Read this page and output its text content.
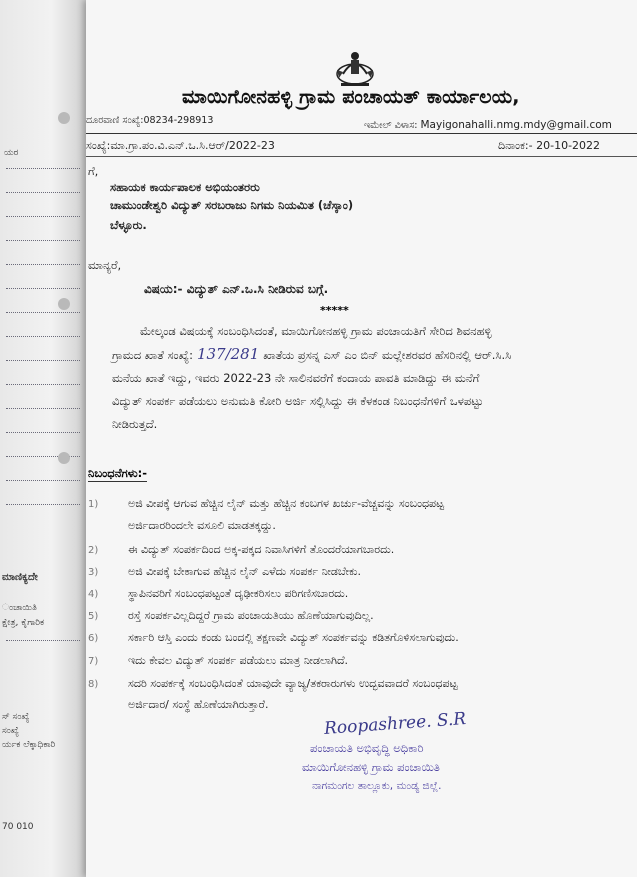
ಯರ
ಮಾಣಿಕ್ಯದೇ
ಂಚಾಯಿತಿ
ಕ್ಷೇತ್ರ, ಕೈಗಾರಿಕ
ಸ್ ಸಂಖ್ಯೆ
ಸಂಖ್ಯೆ
ರ್ಯಕ ಲೆಕ್ಕಾಧಿಕಾರಿ
70 010
ಮಾಯಿಗೋನಹಳ್ಳಿ ಗ್ರಾಮ ಪಂಚಾಯತ್ ಕಾರ್ಯಾಲಯ,
ದೂರವಾಣಿ ಸಂಖ್ಯೆ:08234-298913	ಇಮೇಲ್ ವಿಳಾಸ: Mayigonahalli.nmg.mdy@gmail.com
ಸಂಖ್ಯೆ:ಮಾ.ಗ್ರಾ.ಪಂ.ವಿ.ಎನ್.ಒ.ಸಿ.ಆರ್/2022-23	ದಿನಾಂಕ:- 20-10-2022
ಗೆ,
ಸಹಾಯಕ ಕಾರ್ಯಪಾಲಕ ಅಭಿಯಂತರರು
ಚಾಮುಂಡೇಶ್ವರಿ ವಿದ್ಯುತ್ ಸರಬರಾಜು ನಿಗಮ ನಿಯಮಿತ (ಚೆಸ್ಕಾಂ)
ಬೆಳ್ಳೂರು.
ಮಾನ್ಯರೆ,
ವಿಷಯ:- ವಿದ್ಯುತ್ ಎನ್.ಒ.ಸಿ ನೀಡಿರುವ ಬಗ್ಗೆ.
*****
ಮೇಲ್ಕಂಡ ವಿಷಯಕ್ಕೆ ಸಂಬಂಧಿಸಿದಂತೆ, ಮಾಯಿಗೋನಹಳ್ಳಿ ಗ್ರಾಮ ಪಂಚಾಯತಿಗೆ ಸೇರಿದ ಶಿವನಹಳ್ಳಿ
ಗ್ರಾಮದ ಖಾತೆ ಸಂಖ್ಯೆ: 137/281 ಖಾತೆಯ ಪ್ರಸನ್ನ ಎಸ್ ಎಂ ಬಿನ್ ಮಲ್ಲೇಶರವರ ಹೆಸರಿನಲ್ಲಿ ಆರ್.ಸಿ.ಸಿ
ಮನೆಯ ಖಾತೆ ಇದ್ದು, ಇವರು 2022-23 ನೇ ಸಾಲಿನವರೆಗೆ ಕಂದಾಯ ಪಾವತಿ ಮಾಡಿದ್ದು ಈ ಮನೆಗೆ
ವಿದ್ಯುತ್ ಸಂಪರ್ಕ ಪಡೆಯಲು ಅನುಮತಿ ಕೋರಿ ಅರ್ಜಿ ಸಲ್ಲಿಸಿದ್ದು ಈ ಕೆಳಕಂಡ ನಿಬಂಧನೆಗಳಿಗೆ ಒಳಪಟ್ಟು
ನೀಡಿರುತ್ತದೆ.
ನಿಬಂಧನೆಗಳು:-
1)	ಅಜಿ ವೀಪಕ್ಕೆ ಆಗುವ ಹೆಚ್ಚಿನ ಲೈನ್ ಮತ್ತು ಹೆಚ್ಚಿನ ಕಂಬಗಳ ಖರ್ಚು-ವೆಚ್ಚವನ್ನು ಸಂಬಂಧಪಟ್ಟ
ಅರ್ಜಿದಾರರಿಂದಲೇ ವಸೂಲಿ ಮಾಡತಕ್ಕದ್ದು.
2)	ಈ ವಿದ್ಯುತ್ ಸಂಪರ್ಕದಿಂದ ಅಕ್ಕ-ಪಕ್ಕದ ನಿವಾಸಿಗಳಿಗೆ ತೊಂದರೆಯಾಗಬಾರದು.
3)	ಅಜಿ ವೀಪಕ್ಕೆ ಬೇಕಾಗುವ ಹೆಚ್ಚಿನ ಲೈನ್ ಎಳೆದು ಸಂಪರ್ಕ ನೀಡಬೇಕು.
4)	ಸ್ಥಾಪಿನವರಿಗೆ ಸಂಬಂಧಪಟ್ಟಂತೆ ದೃಢೀಕರಿಸಲು ಪರಿಗಣಿಸಬಾರದು.
5)	ರಸ್ತೆ ಸಂಪರ್ಕವಿಲ್ಲದಿದ್ದರೆ ಗ್ರಾಮ ಪಂಚಾಯತಿಯು ಹೊಣೆಯಾಗುವುದಿಲ್ಲ.
6)	ಸರ್ಕಾರಿ ಆಸ್ತಿ ಎಂದು ಕಂಡು ಬಂದಲ್ಲಿ ತಕ್ಷಣವೇ ವಿದ್ಯುತ್ ಸಂಪರ್ಕವನ್ನು ಕಡಿತಗೊಳಿಸಲಾಗುವುದು.
7)	ಇದು ಕೇವಲ ವಿದ್ಯುತ್ ಸಂಪರ್ಕ ಪಡೆಯಲು ಮಾತ್ರ ನೀಡಲಾಗಿದೆ.
8)	ಸದರಿ ಸಂಪರ್ಕಕ್ಕೆ ಸಂಬಂಧಿಸಿದಂತೆ ಯಾವುದೇ ವ್ಯಾಜ್ಯ/ತಕರಾರುಗಳು ಉದ್ಭವವಾದರೆ ಸಂಬಂಧಪಟ್ಟ
ಅರ್ಜಿದಾರ/ ಸಂಸ್ಥೆ ಹೊಣೆಯಾಗಿರುತ್ತಾರೆ.
Roopashree. S.R
ಪಂಚಾಯತಿ ಅಭಿವೃದ್ಧಿ ಅಧಿಕಾರಿ
ಮಾಯಿಗೋನಹಳ್ಳಿ ಗ್ರಾಮ ಪಂಚಾಯಿತಿ
ನಾಗಮಂಗಲ ತಾಲ್ಲೂಕು, ಮಂಡ್ಯ ಜಿಲ್ಲೆ.
